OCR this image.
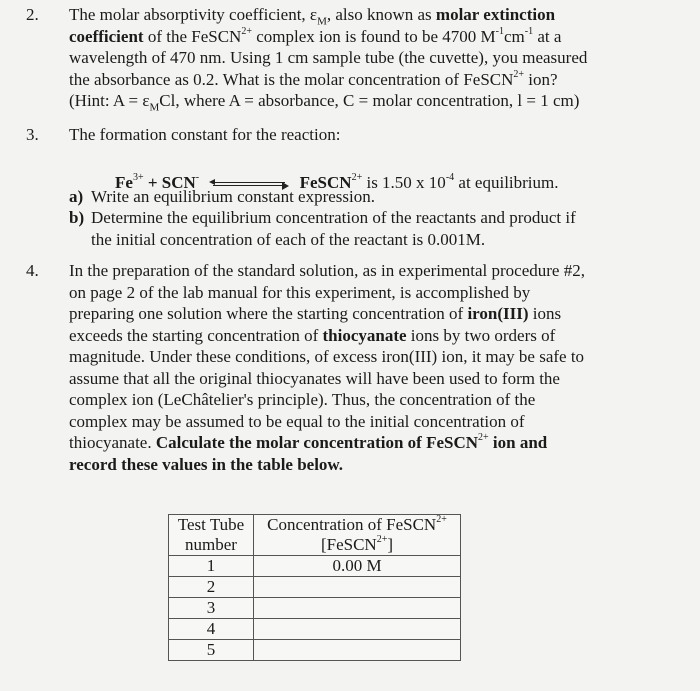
2. The molar absorptivity coefficient, $\varepsilon_M$, also known as molar extinction
coefficient of the FeSCN$^{2+}$ complex ion is found to be 4700 $M^{-1}cm^{-1}$ at a
wavelength of 470 nm. Using 1 cm sample tube (the cuvette), you measured
the absorbance as 0.2. What is the molar concentration of FeSCN$^{2+}$ ion?
(Hint: $A = \varepsilon_MCl$, where A = absorbance, C = molar concentration, l = 1 cm)
3. The formation constant for the reaction:
$Fe^{3+} + SCN^-$	FeSCN$^{2+}$ is 1.50 x $10^{-4}$ at equilibrium.
a) Write an equilibrium constant expression.
b) Determine the equilibrium concentration of the reactants and product if
the initial concentration of each of the reactant is 0.001M.
4. In the preparation of the standard solution, as in experimental procedure #2,
on page 2 of the lab manual for this experiment, is accomplished by
preparing one solution where the starting concentration of iron(III) ions
exceeds the starting concentration of thiocyanate ions by two orders of
magnitude. Under these conditions, of excess iron(III) ion, it may be safe to
assume that all the original thiocyanates will have been used to form the
complex ion (LeChâtelier's principle). Thus, the concentration of the
complex may be assumed to be equal to the initial concentration of
thiocyanate. Calculate the molar concentration of FeSCN$^{2+}$ ion and
record these values in the table below.
Test Tube
number	Concentration of FeSCN$^{2+}$
[FeSCN$^{2+}$]

1	0.00 M
2	
3	
4	
5	
